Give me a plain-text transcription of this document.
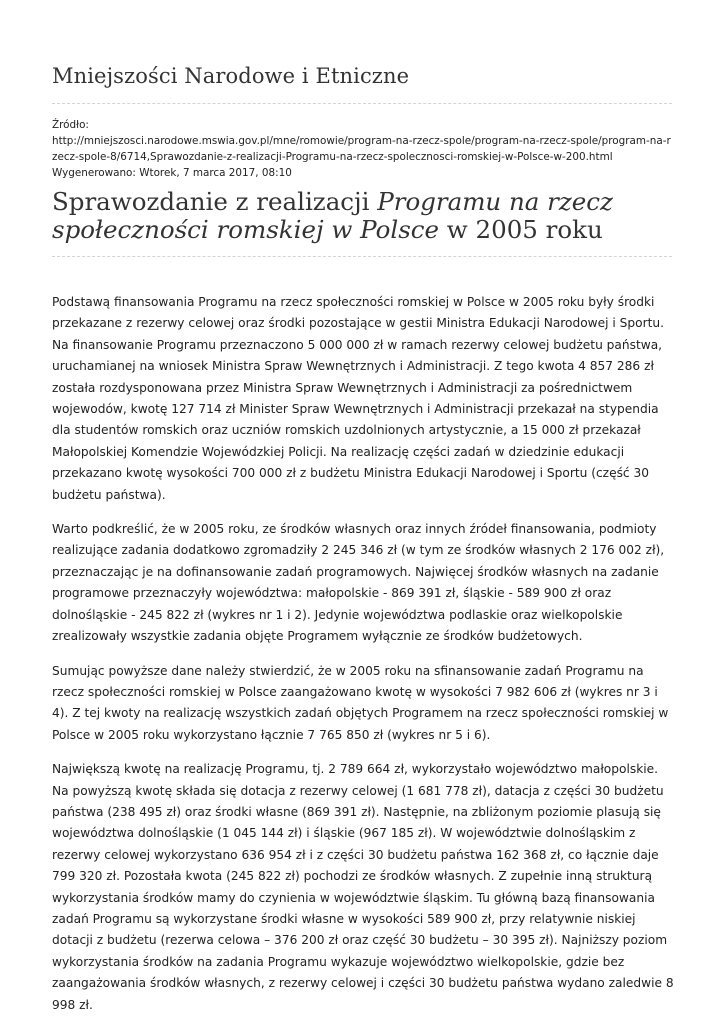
Mniejszości Narodowe i Etniczne
Źródło:
http://mniejszosci.narodowe.mswia.gov.pl/mne/romowie/program-na-rzecz-spole/program-na-rzecz-spole/program-na-rzecz-spole-8/6714,Sprawozdanie-z-realizacji-Programu-na-rzecz-spolecznosci-romskiej-w-Polsce-w-200.html
Wygenerowano: Wtorek, 7 marca 2017, 08:10
Sprawozdanie z realizacji Programu na rzecz społeczności romskiej w Polsce w 2005 roku

Podstawą finansowania Programu na rzecz społeczności romskiej w Polsce w 2005 roku były środki przekazane z rezerwy celowej oraz środki pozostające w gestii Ministra Edukacji Narodowej i Sportu. Na finansowanie Programu przeznaczono 5 000 000 zł w ramach rezerwy celowej budżetu państwa, uruchamianej na wniosek Ministra Spraw Wewnętrznych i Administracji. Z tego kwota 4 857 286 zł została rozdysponowana przez Ministra Spraw Wewnętrznych i Administracji za pośrednictwem wojewodów, kwotę 127 714 zł Minister Spraw Wewnętrznych i Administracji przekazał na stypendia dla studentów romskich oraz uczniów romskich uzdolnionych artystycznie, a 15 000 zł przekazał Małopolskiej Komendzie Wojewódzkiej Policji. Na realizację części zadań w dziedzinie edukacji przekazano kwotę wysokości 700 000 zł z budżetu Ministra Edukacji Narodowej i Sportu (część 30 budżetu państwa).

Warto podkreślić, że w 2005 roku, ze środków własnych oraz innych źródeł finansowania, podmioty realizujące zadania dodatkowo zgromadziły 2 245 346 zł (w tym ze środków własnych 2 176 002 zł), przeznaczając je na dofinansowanie zadań programowych. Najwięcej środków własnych na zadanie programowe przeznaczyły województwa: małopolskie - 869 391 zł, śląskie - 589 900 zł oraz dolnośląskie - 245 822 zł (wykres nr 1 i 2). Jedynie województwa podlaskie oraz wielkopolskie zrealizowały wszystkie zadania objęte Programem wyłącznie ze środków budżetowych.

Sumując powyższe dane należy stwierdzić, że w 2005 roku na sfinansowanie zadań Programu na rzecz społeczności romskiej w Polsce zaangażowano kwotę w wysokości 7 982 606 zł (wykres nr 3 i 4). Z tej kwoty na realizację wszystkich zadań objętych Programem na rzecz społeczności romskiej w Polsce w 2005 roku wykorzystano łącznie 7 765 850 zł (wykres nr 5 i 6).

Największą kwotę na realizację Programu, tj. 2 789 664 zł, wykorzystało województwo małopolskie. Na powyższą kwotę składa się dotacja z rezerwy celowej (1 681 778 zł), datacja z części 30 budżetu państwa (238 495 zł) oraz środki własne (869 391 zł). Następnie, na zbliżonym poziomie plasują się województwa dolnośląskie (1 045 144 zł) i śląskie (967 185 zł). W województwie dolnośląskim z rezerwy celowej wykorzystano 636 954 zł i z części 30 budżetu państwa 162 368 zł, co łącznie daje 799 320 zł. Pozostała kwota (245 822 zł) pochodzi ze środków własnych. Z zupełnie inną strukturą wykorzystania środków mamy do czynienia w województwie śląskim. Tu główną bazą finansowania zadań Programu są wykorzystane środki własne w wysokości 589 900 zł, przy relatywnie niskiej dotacji z budżetu (rezerwa celowa – 376 200 zł oraz część 30 budżetu – 30 395 zł). Najniższy poziom wykorzystania środków na zadania Programu wykazuje województwo wielkopolskie, gdzie bez zaangażowania środków własnych, z rezerwy celowej i części 30 budżetu państwa wydano zaledwie 8 998 zł.
